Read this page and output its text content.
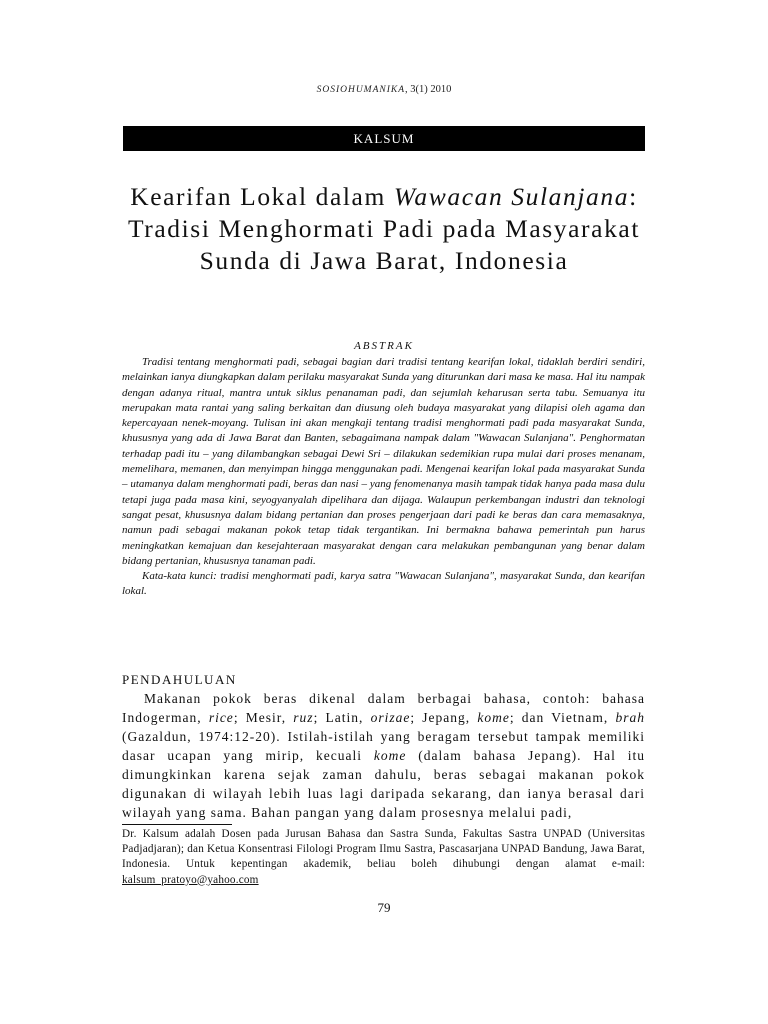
SOSIOHUMANIKA, 3(1) 2010
KALSUM
Kearifan Lokal dalam Wawacan Sulanjana: Tradisi Menghormati Padi pada Masyarakat Sunda di Jawa Barat, Indonesia
ABSTRAK

Tradisi tentang menghormati padi, sebagai bagian dari tradisi tentang kearifan lokal, tidaklah berdiri sendiri, melainkan ianya diungkapkan dalam perilaku masyarakat Sunda yang diturunkan dari masa ke masa. Hal itu nampak dengan adanya ritual, mantra untuk siklus penanaman padi, dan sejumlah keharusan serta tabu. Semuanya itu merupakan mata rantai yang saling berkaitan dan diusung oleh budaya masyarakat yang dilapisi oleh agama dan kepercayaan nenek-moyang. Tulisan ini akan mengkaji tentang tradisi menghormati padi pada masyarakat Sunda, khususnya yang ada di Jawa Barat dan Banten, sebagaimana nampak dalam "Wawacan Sulanjana". Penghormatan terhadap padi itu – yang dilambangkan sebagai Dewi Sri – dilakukan sedemikian rupa mulai dari proses menanam, memelihara, memanen, dan menyimpan hingga menggunakan padi. Mengenai kearifan lokal pada masyarakat Sunda – utamanya dalam menghormati padi, beras dan nasi – yang fenomenanya masih tampak tidak hanya pada masa dulu tetapi juga pada masa kini, seyogyanyalah dipelihara dan dijaga. Walaupun perkembangan industri dan teknologi sangat pesat, khususnya dalam bidang pertanian dan proses pengerjaan dari padi ke beras dan cara memasaknya, namun padi sebagai makanan pokok tetap tidak tergantikan. Ini bermakna bahawa pemerintah pun harus meningkatkan kemajuan dan kesejahteraan masyarakat dengan cara melakukan pembangunan yang benar dalam bidang pertanian, khususnya tanaman padi.

Kata-kata kunci: tradisi menghormati padi, karya satra "Wawacan Sulanjana", masyarakat Sunda, dan kearifan lokal.

PENDAHULUAN

Makanan pokok beras dikenal dalam berbagai bahasa, contoh: bahasa Indogerman, rice; Mesir, ruz; Latin, orizae; Jepang, kome; dan Vietnam, brah (Gazaldun, 1974:12-20). Istilah-istilah yang beragam tersebut tampak memiliki dasar ucapan yang mirip, kecuali kome (dalam bahasa Jepang). Hal itu dimungkinkan karena sejak zaman dahulu, beras sebagai makanan pokok digunakan di wilayah lebih luas lagi daripada sekarang, dan ianya berasal dari wilayah yang sama. Bahan pangan yang dalam prosesnya melalui padi,

Dr. Kalsum adalah Dosen pada Jurusan Bahasa dan Sastra Sunda, Fakultas Sastra UNPAD (Universitas Padjadjaran); dan Ketua Konsentrasi Filologi Program Ilmu Sastra, Pascasarjana UNPAD Bandung, Jawa Barat, Indonesia. Untuk kepentingan akademik, beliau boleh dihubungi dengan alamat e-mail: kalsum_pratoyo@yahoo.com

79
